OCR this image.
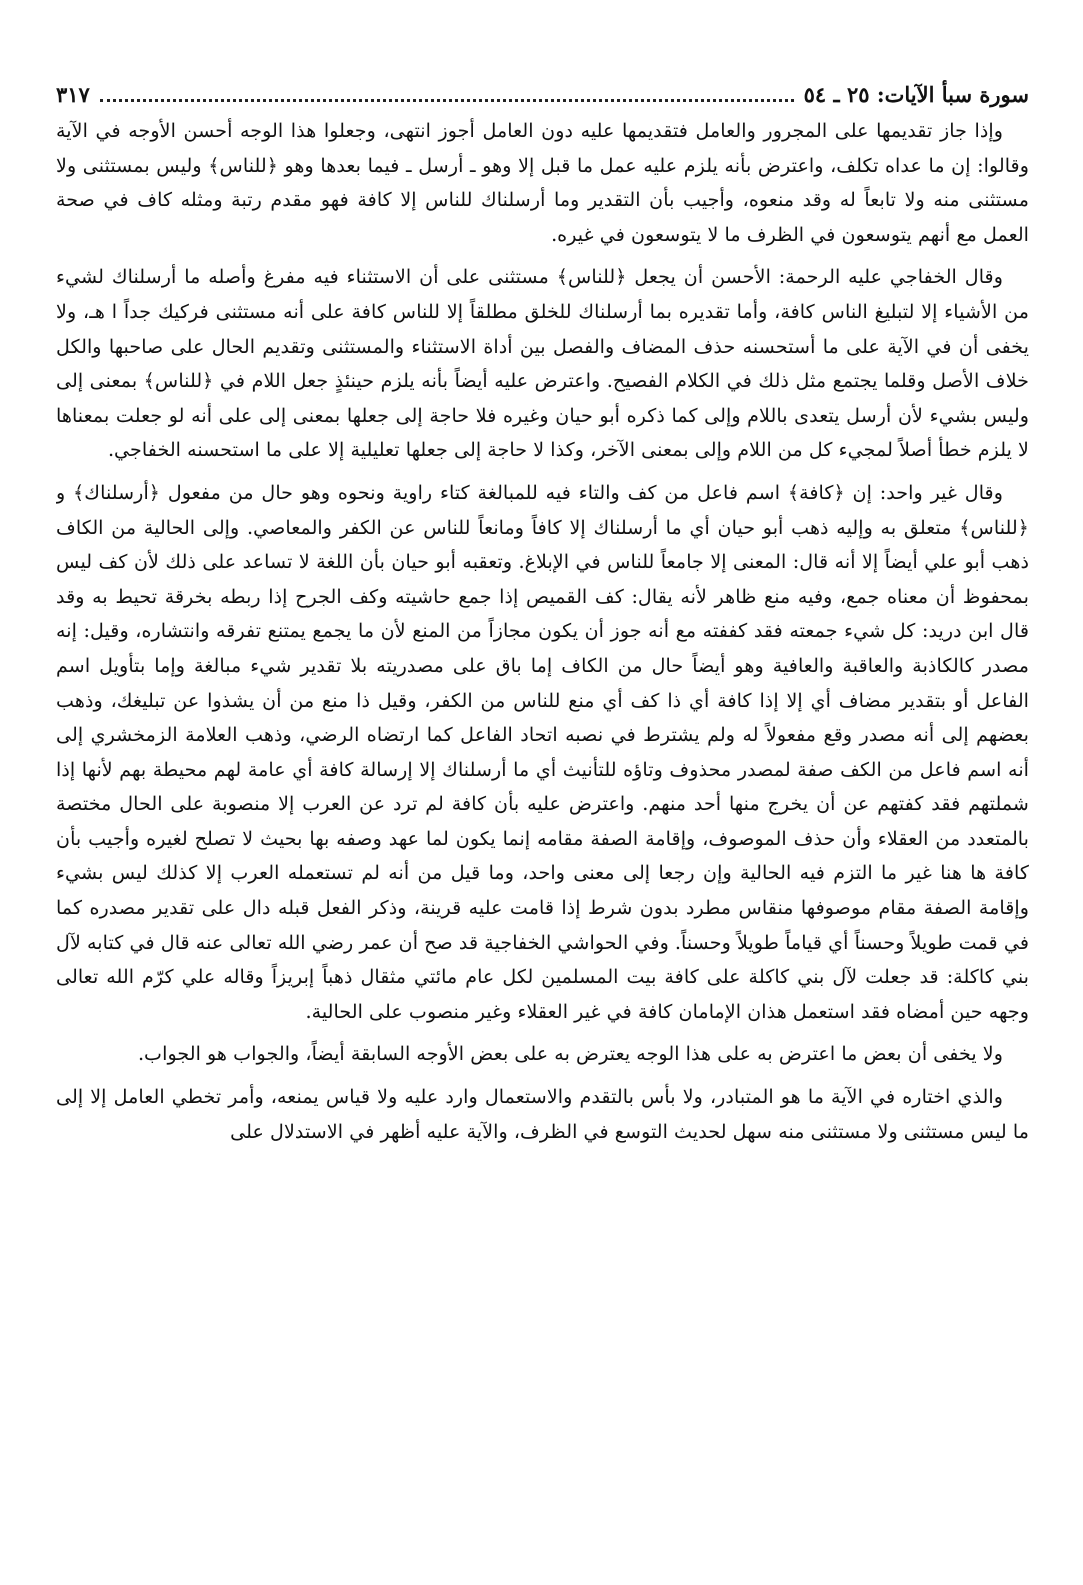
سورة سبأ الآيات: ٢٥ ـ ٥٤
٣١٧

وإذا جاز تقديمها على المجرور والعامل فتقديمها عليه دون العامل أجوز انتهى، وجعلوا هذا الوجه أحسن الأوجه في الآية وقالوا: إن ما عداه تكلف، واعترض بأنه يلزم عليه عمل ما قبل إلا وهو ـ أرسل ـ فيما بعدها وهو ﴿للناس﴾ وليس بمستثنى ولا مستثنى منه ولا تابعاً له وقد منعوه، وأجيب بأن التقدير وما أرسلناك للناس إلا كافة فهو مقدم رتبة ومثله كاف في صحة العمل مع أنهم يتوسعون في الظرف ما لا يتوسعون في غيره.

وقال الخفاجي عليه الرحمة: الأحسن أن يجعل ﴿للناس﴾ مستثنى على أن الاستثناء فيه مفرغ وأصله ما أرسلناك لشيء من الأشياء إلا لتبليغ الناس كافة، وأما تقديره بما أرسلناك للخلق مطلقاً إلا للناس كافة على أنه مستثنى فركيك جداً ا هـ، ولا يخفى أن في الآية على ما أستحسنه حذف المضاف والفصل بين أداة الاستثناء والمستثنى وتقديم الحال على صاحبها والكل خلاف الأصل وقلما يجتمع مثل ذلك في الكلام الفصيح. واعترض عليه أيضاً بأنه يلزم حينئذٍ جعل اللام في ﴿للناس﴾ بمعنى إلى وليس بشيء لأن أرسل يتعدى باللام وإلى كما ذكره أبو حيان وغيره فلا حاجة إلى جعلها بمعنى إلى على أنه لو جعلت بمعناها لا يلزم خطأ أصلاً لمجيء كل من اللام وإلى بمعنى الآخر، وكذا لا حاجة إلى جعلها تعليلية إلا على ما استحسنه الخفاجي.

وقال غير واحد: إن ﴿كافة﴾ اسم فاعل من كف والتاء فيه للمبالغة كتاء راوية ونحوه وهو حال من مفعول ﴿أرسلناك﴾ و ﴿للناس﴾ متعلق به وإليه ذهب أبو حيان أي ما أرسلناك إلا كافاً ومانعاً للناس عن الكفر والمعاصي. وإلى الحالية من الكاف ذهب أبو علي أيضاً إلا أنه قال: المعنى إلا جامعاً للناس في الإبلاغ. وتعقبه أبو حيان بأن اللغة لا تساعد على ذلك لأن كف ليس بمحفوظ أن معناه جمع، وفيه منع ظاهر لأنه يقال: كف القميص إذا جمع حاشيته وكف الجرح إذا ربطه بخرقة تحيط به وقد قال ابن دريد: كل شيء جمعته فقد كففته مع أنه جوز أن يكون مجازاً من المنع لأن ما يجمع يمتنع تفرقه وانتشاره، وقيل: إنه مصدر كالكاذبة والعاقبة والعافية وهو أيضاً حال من الكاف إما باق على مصدريته بلا تقدير شيء مبالغة وإما بتأويل اسم الفاعل أو بتقدير مضاف أي إلا إذا كافة أي ذا كف أي منع للناس من الكفر، وقيل ذا منع من أن يشذوا عن تبليغك، وذهب بعضهم إلى أنه مصدر وقع مفعولاً له ولم يشترط في نصبه اتحاد الفاعل كما ارتضاه الرضي، وذهب العلامة الزمخشري إلى أنه اسم فاعل من الكف صفة لمصدر محذوف وتاؤه للتأنيث أي ما أرسلناك إلا إرسالة كافة أي عامة لهم محيطة بهم لأنها إذا شملتهم فقد كفتهم عن أن يخرج منها أحد منهم. واعترض عليه بأن كافة لم ترد عن العرب إلا منصوبة على الحال مختصة بالمتعدد من العقلاء وأن حذف الموصوف، وإقامة الصفة مقامه إنما يكون لما عهد وصفه بها بحيث لا تصلح لغيره وأجيب بأن كافة ها هنا غير ما التزم فيه الحالية وإن رجعا إلى معنى واحد، وما قيل من أنه لم تستعمله العرب إلا كذلك ليس بشيء وإقامة الصفة مقام موصوفها منقاس مطرد بدون شرط إذا قامت عليه قرينة، وذكر الفعل قبله دال على تقدير مصدره كما في قمت طويلاً وحسناً أي قياماً طويلاً وحسناً. وفي الحواشي الخفاجية قد صح أن عمر رضي الله تعالى عنه قال في كتابه لآل بني كاكلة: قد جعلت لآل بني كاكلة على كافة بيت المسلمين لكل عام مائتي مثقال ذهباً إبريزاً وقاله علي كرّم الله تعالى وجهه حين أمضاه فقد استعمل هذان الإمامان كافة في غير العقلاء وغير منصوب على الحالية.

ولا يخفى أن بعض ما اعترض به على هذا الوجه يعترض به على بعض الأوجه السابقة أيضاً، والجواب هو الجواب.

والذي اختاره في الآية ما هو المتبادر، ولا بأس بالتقدم والاستعمال وارد عليه ولا قياس يمنعه، وأمر تخطي العامل إلا إلى ما ليس مستثنى ولا مستثنى منه سهل لحديث التوسع في الظرف، والآية عليه أظهر في الاستدلال على
